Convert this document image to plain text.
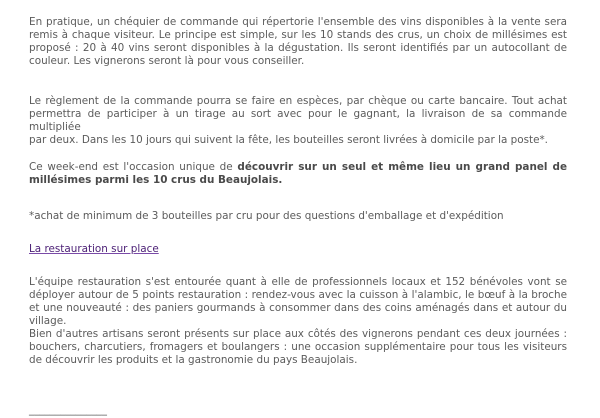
En pratique, un chéquier de commande qui répertorie l'ensemble des vins disponibles à la vente sera
remis à chaque visiteur. Le principe est simple, sur les 10 stands des crus, un choix de millésimes est
proposé : 20 à 40 vins seront disponibles à la dégustation. Ils seront identifiés par un autocollant de
couleur. Les vignerons seront là pour vous conseiller.

Le règlement de la commande pourra se faire en espèces, par chèque ou carte bancaire. Tout achat
permettra de participer à un tirage au sort avec pour le gagnant, la livraison de sa commande multipliée
par deux. Dans les 10 jours qui suivent la fête, les bouteilles seront livrées à domicile par la poste*.

Ce week-end est l'occasion unique de découvrir sur un seul et même lieu un grand panel de
millésimes parmi les 10 crus du Beaujolais.

*achat de minimum de 3 bouteilles par cru pour des questions d'emballage et d'expédition

La restauration sur place

L'équipe restauration s'est entourée quant à elle de professionnels locaux et 152 bénévoles vont se
déployer autour de 5 points restauration : rendez-vous avec la cuisson à l'alambic, le bœuf à la broche
et une nouveauté : des paniers gourmands à consommer dans des coins aménagés dans et autour du
village.
Bien d'autres artisans seront présents sur place aux côtés des vignerons pendant ces deux journées :
bouchers, charcutiers, fromagers et boulangers : une occasion supplémentaire pour tous les visiteurs
de découvrir les produits et la gastronomie du pays Beaujolais.

_______________
